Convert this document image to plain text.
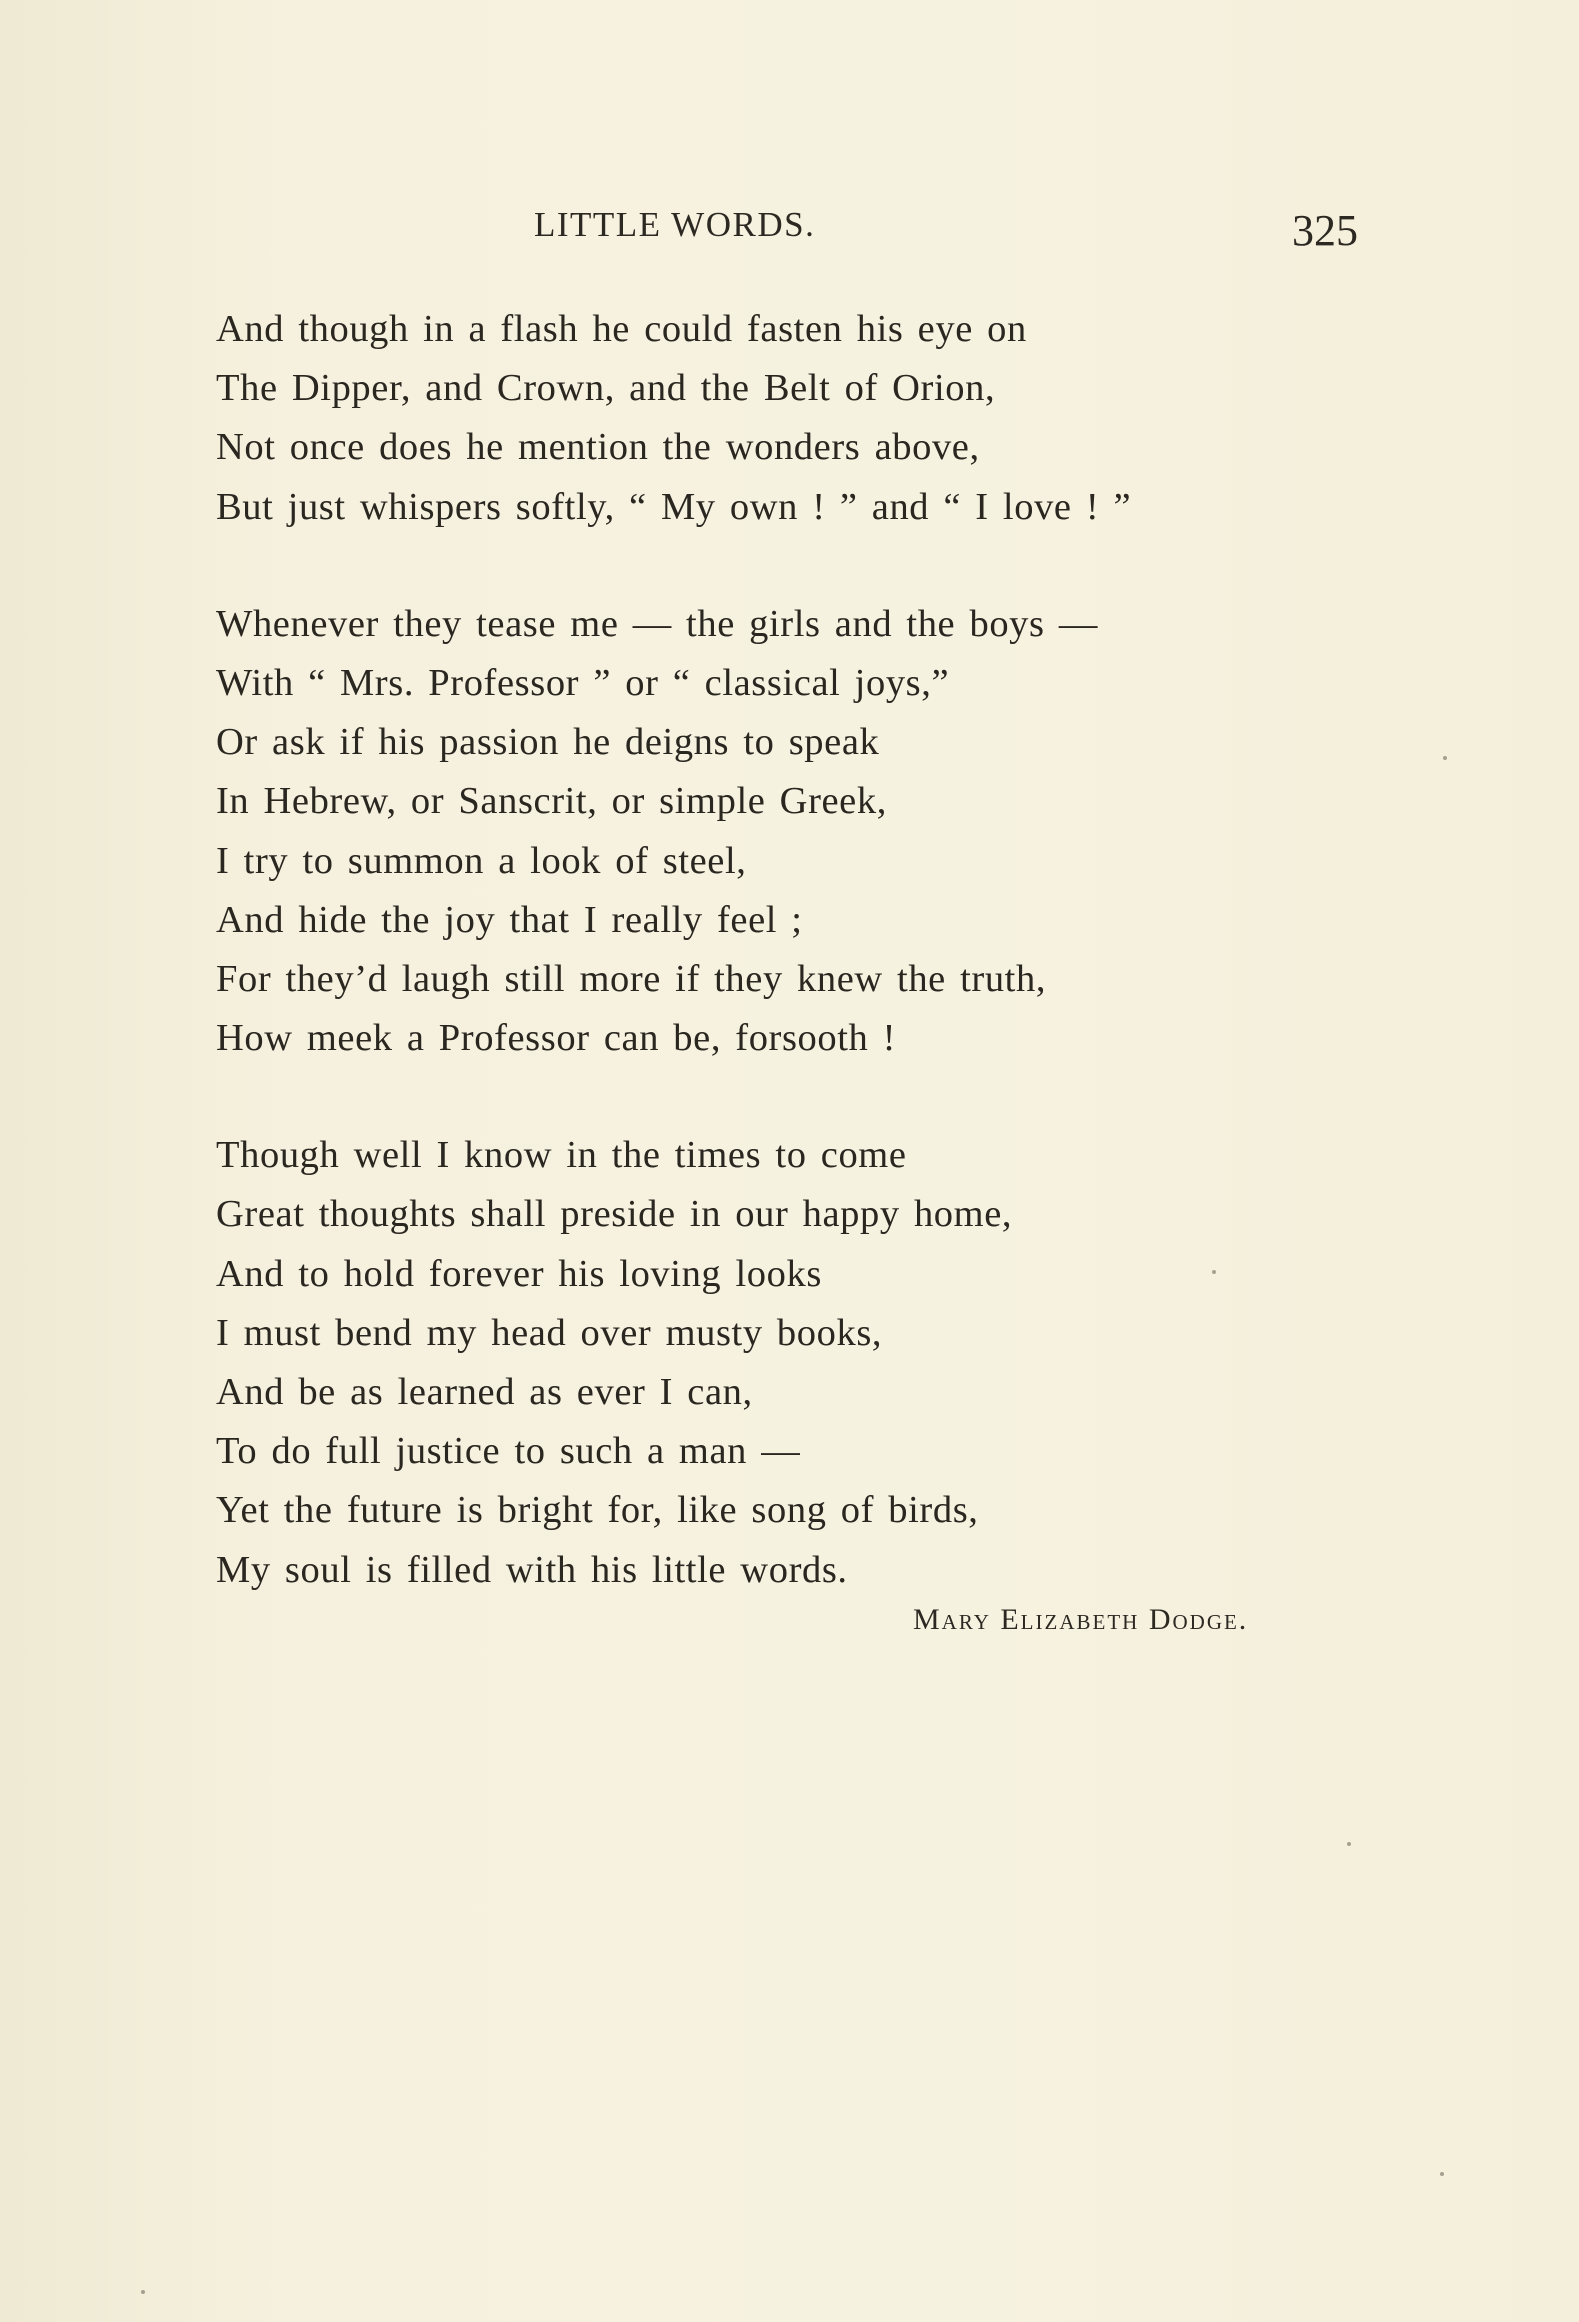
LITTLE WORDS.	325
And though in a flash he could fasten his eye on
The Dipper, and Crown, and the Belt of Orion,
Not once does he mention the wonders above,
But just whispers softly, “ My own ! ” and “ I love ! ”
Whenever they tease me — the girls and the boys —
With “ Mrs. Professor ” or “ classical joys,”
Or ask if his passion he deigns to speak
In Hebrew, or Sanscrit, or simple Greek,
I try to summon a look of steel,
And hide the joy that I really feel ;
For they’d laugh still more if they knew the truth,
How meek a Professor can be, forsooth !
Though well I know in the times to come
Great thoughts shall preside in our happy home,
And to hold forever his loving looks
I must bend my head over musty books,
And be as learned as ever I can,
To do full justice to such a man —
Yet the future is bright for, like song of birds,
My soul is filled with his little words.
Mary Elizabeth Dodge.
